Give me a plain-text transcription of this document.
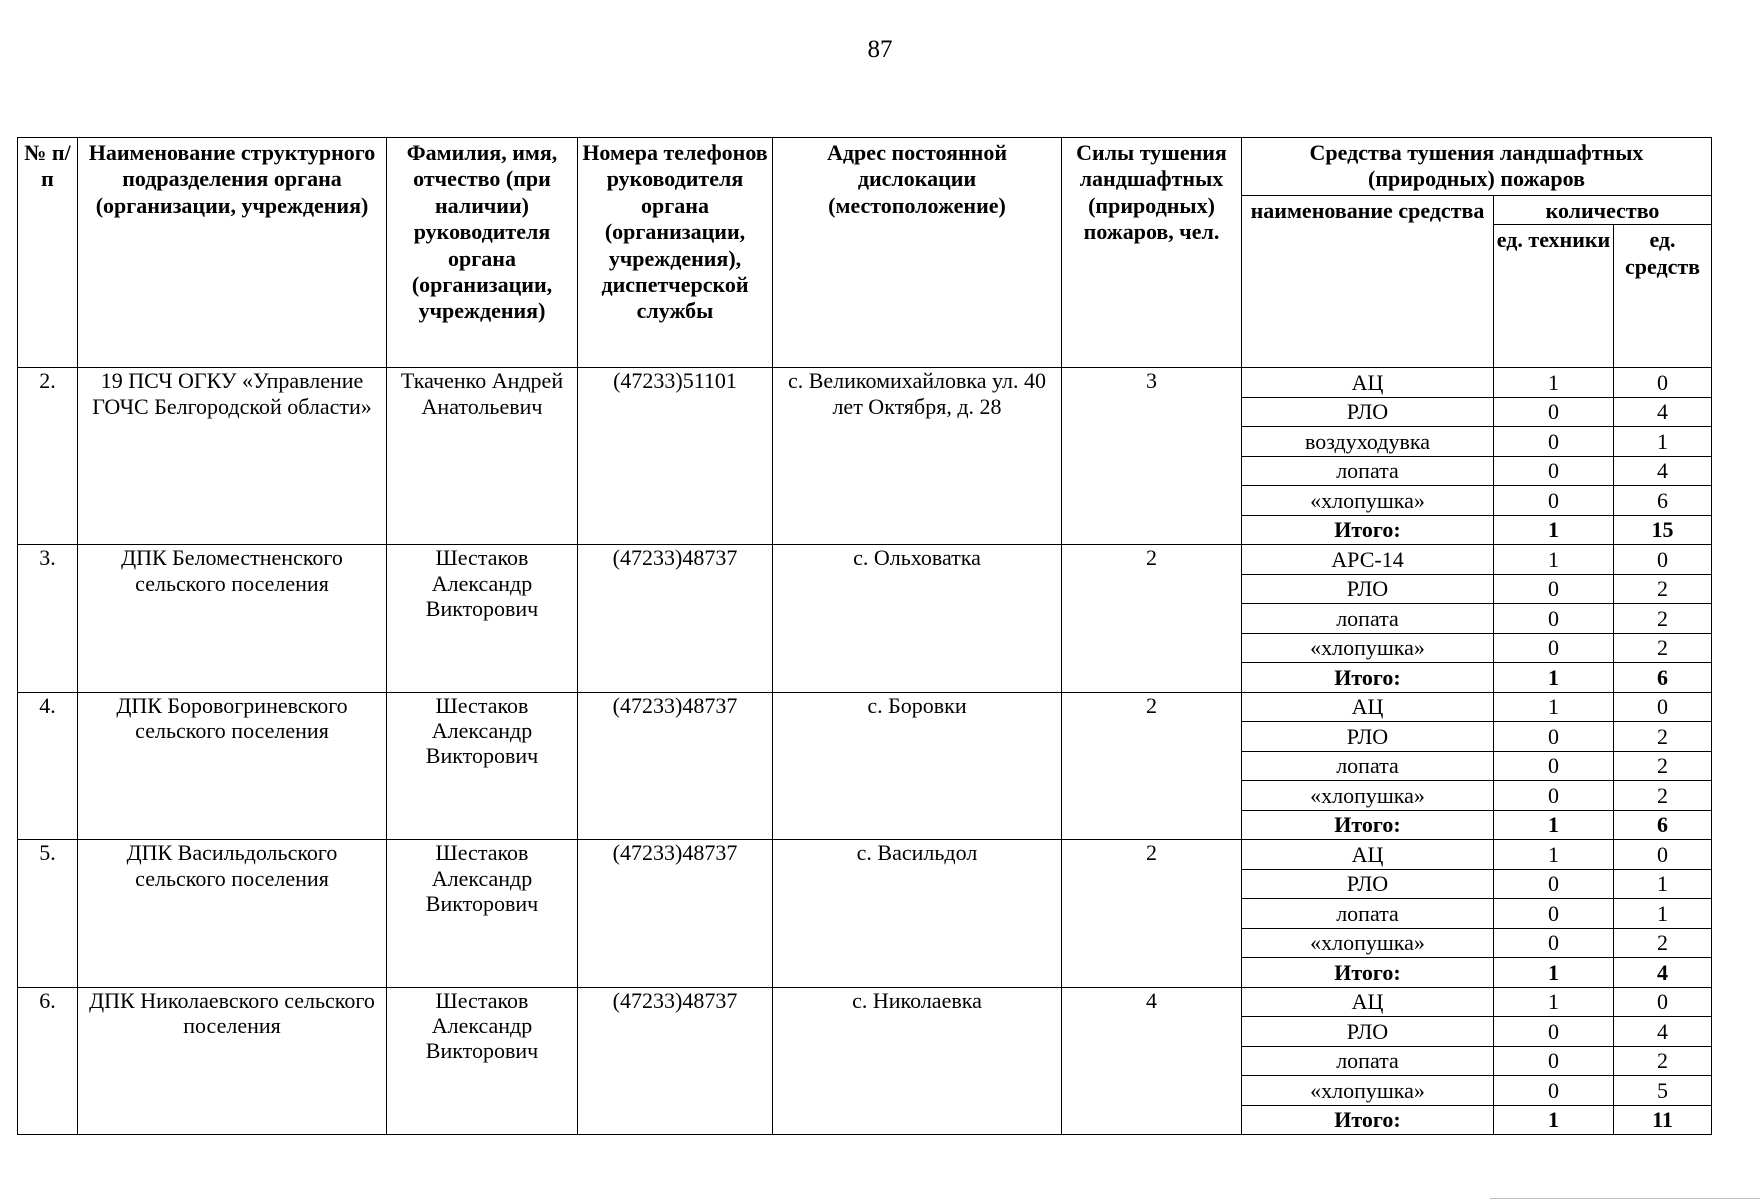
87
№ п/п	Наименование структурного подразделения органа (организации, учреждения)	Фамилия, имя, отчество (при наличии) руководителя органа (организации, учреждения)	Номера телефонов руководителя органа (организации, учреждения), диспетчерской службы	Адрес постоянной дислокации (местоположение)	Силы тушения ландшафтных (природных) пожаров, чел.	Средства тушения ландшафтных (природных) пожаров		
						наименование средства	количество	
							ед. техники	ед. средств
2.	19 ПСЧ ОГКУ «Управление ГОЧС Белгородской области»	Ткаченко Андрей Анатольевич	(47233)51101	с. Великомихайловка ул. 40 лет Октября, д. 28	3	АЦ	1	0
						РЛО	0	4
						воздуходувка	0	1
						лопата	0	4
						«хлопушка»	0	6
						Итого:	1	15
3.	ДПК Беломестненского сельского поселения	Шестаков Александр Викторович	(47233)48737	с. Ольховатка	2	АРС-14	1	0
						РЛО	0	2
						лопата	0	2
						«хлопушка»	0	2
						Итого:	1	6
4.	ДПК Боровогриневского сельского поселения	Шестаков Александр Викторович	(47233)48737	с. Боровки	2	АЦ	1	0
						РЛО	0	2
						лопата	0	2
						«хлопушка»	0	2
						Итого:	1	6
5.	ДПК Васильдольского сельского поселения	Шестаков Александр Викторович	(47233)48737	с. Васильдол	2	АЦ	1	0
						РЛО	0	1
						лопата	0	1
						«хлопушка»	0	2
						Итого:	1	4
6.	ДПК Николаевского сельского поселения	Шестаков Александр Викторович	(47233)48737	с. Николаевка	4	АЦ	1	0
						РЛО	0	4
						лопата	0	2
						«хлопушка»	0	5
						Итого:	1	11
